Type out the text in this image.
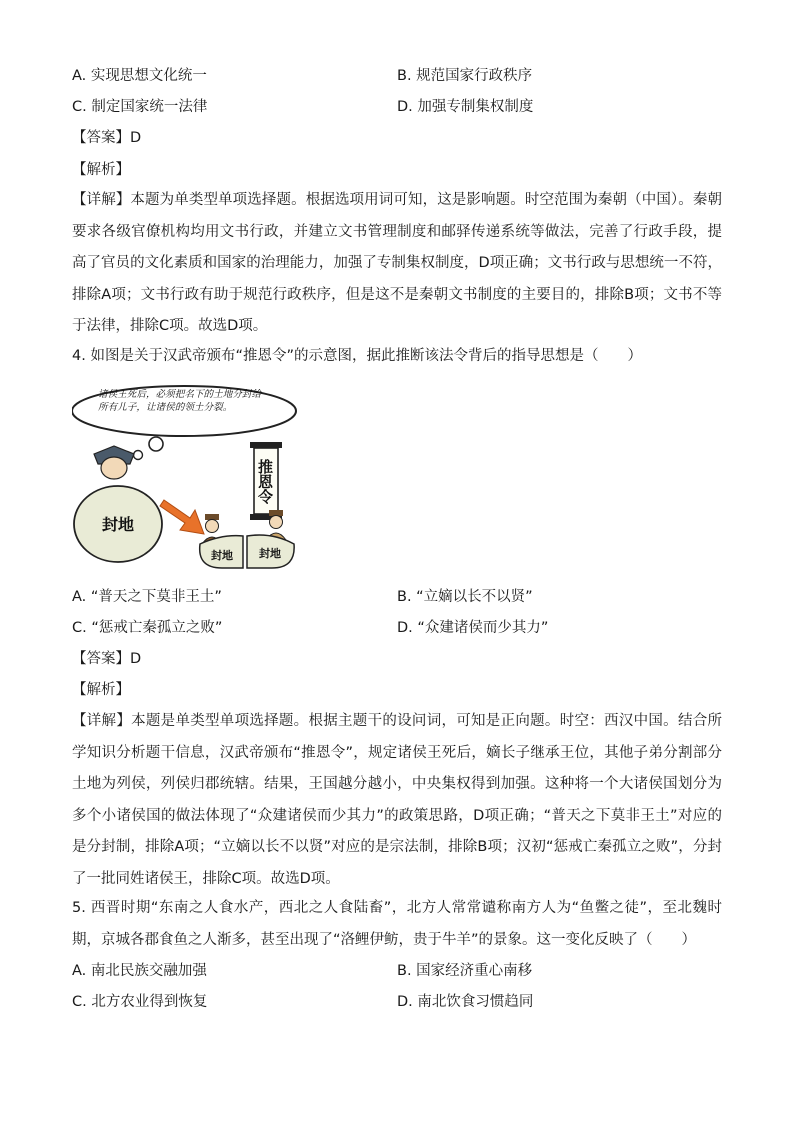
A. 实现思想文化统一	B. 规范国家行政秩序
C. 制定国家统一法律	D. 加强专制集权制度
【答案】D
【解析】
【详解】本题为单类型单项选择题。根据选项用词可知，这是影响题。时空范围为秦朝（中国）。秦朝要求各级官僚机构均用文书行政，并建立文书管理制度和邮驿传递系统等做法，完善了行政手段，提高了官员的文化素质和国家的治理能力，加强了专制集权制度，D项正确；文书行政与思想统一不符，排除A项；文书行政有助于规范行政秩序，但是这不是秦朝文书制度的主要目的，排除B项；文书不等于法律，排除C项。故选D项。
4. 如图是关于汉武帝颁布“推恩令”的示意图，据此推断该法令背后的指导思想是（　　）
诸侯王死后，必须把名下的土地分封给所有儿子，让诸侯的领土分裂。
推恩令
封地
封地 封地
A. “普天之下莫非王土”	B. “立嫡以长不以贤”
C. “惩戒亡秦孤立之败”	D. “众建诸侯而少其力”
【答案】D
【解析】
【详解】本题是单类型单项选择题。根据主题干的设问词，可知是正向题。时空：西汉中国。结合所学知识分析题干信息，汉武帝颁布“推恩令”，规定诸侯王死后，嫡长子继承王位，其他子弟分割部分土地为列侯，列侯归郡统辖。结果，王国越分越小，中央集权得到加强。这种将一个大诸侯国划分为多个小诸侯国的做法体现了“众建诸侯而少其力”的政策思路，D项正确；“普天之下莫非王土”对应的是分封制，排除A项；“立嫡以长不以贤”对应的是宗法制，排除B项；汉初“惩戒亡秦孤立之败”，分封了一批同姓诸侯王，排除C项。故选D项。
5. 西晋时期“东南之人食水产，西北之人食陆畜”，北方人常常谴称南方人为“鱼鳖之徒”，至北魏时期，京城各郡食鱼之人渐多，甚至出现了“洛鲤伊鲂，贵于牛羊”的景象。这一变化反映了（　　）
A. 南北民族交融加强	B. 国家经济重心南移
C. 北方农业得到恢复	D. 南北饮食习惯趋同
